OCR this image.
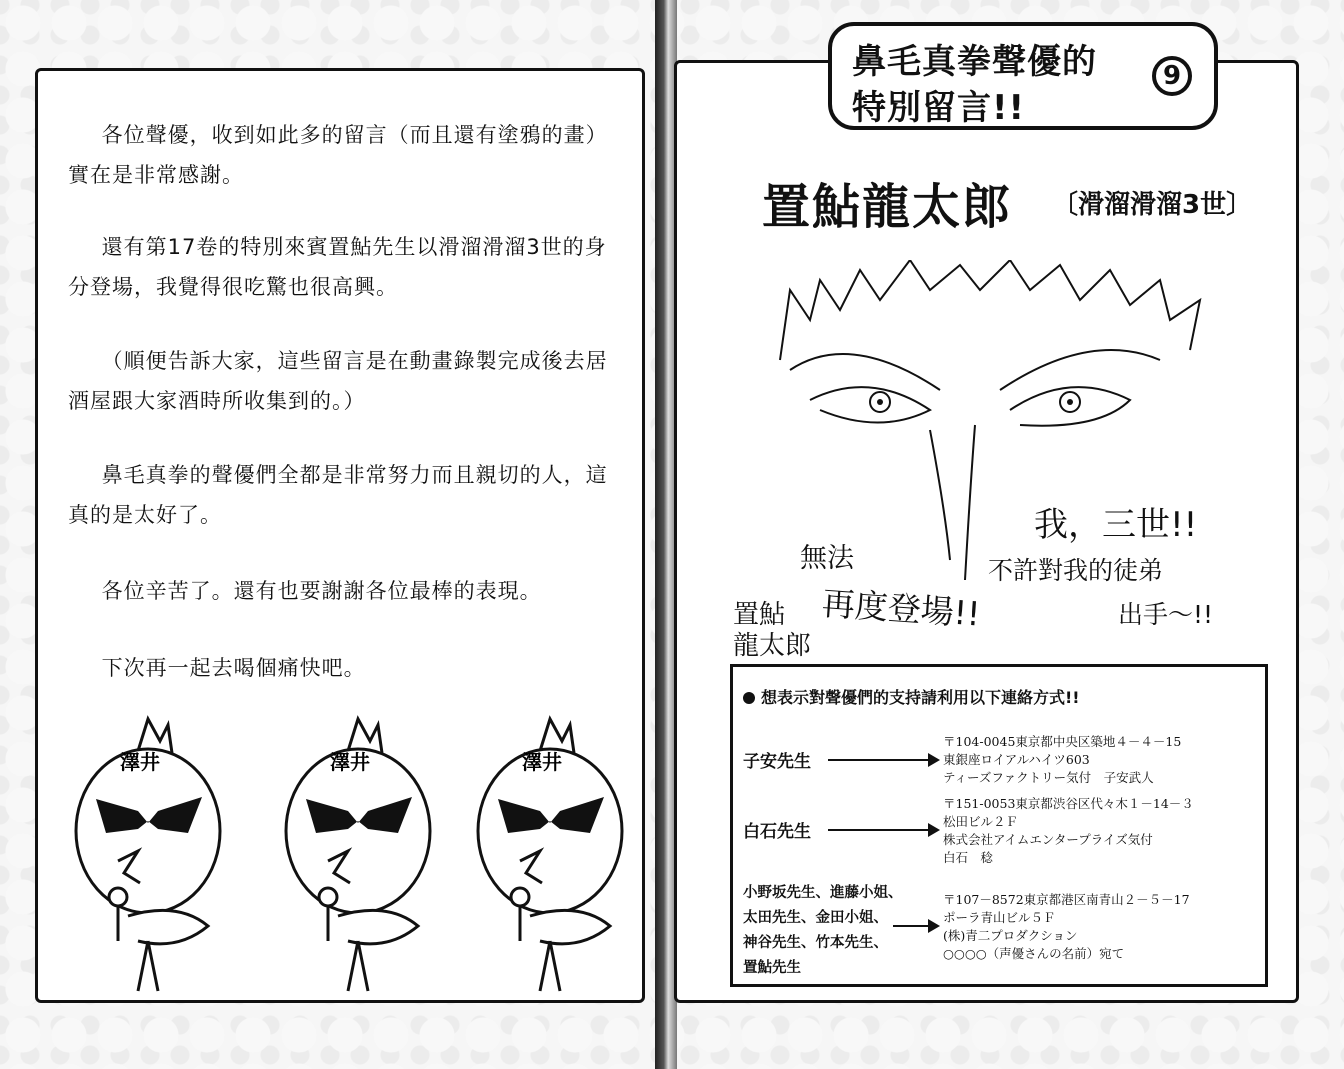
各位聲優，收到如此多的留言（而且還有塗鴉的畫）實在是非常感謝。

還有第17卷的特別來賓置鮎先生以滑溜滑溜3世的身分登場，我覺得很吃驚也很高興。

（順便告訴大家，這些留言是在動畫錄製完成後去居酒屋跟大家酒時所收集到的。）

鼻毛真拳的聲優們全都是非常努力而且親切的人，這真的是太好了。

各位辛苦了。還有也要謝謝各位最棒的表現。

下次再一起去喝個痛快吧。

澤井	澤井	澤井
鼻毛真拳聲優的
特別留言!!
9
置鮎龍太郎 〔滑溜滑溜3世〕
我，三世!!
無法	不許對我的徒弟
再度登場!!
置鮎
龍太郎
出手～!!
想表示對聲優們的支持請利用以下連絡方式!!
子安先生
〒104-0045東京都中央区築地４－４－15
東銀座ロイアルハイツ603
ティーズファクトリー気付　子安武人
白石先生
〒151-0053東京都渋谷区代々木１－14－３
松田ビル２Ｆ
株式会社アイムエンタープライズ気付
白石　稔
小野坂先生、進藤小姐、
太田先生、金田小姐、
神谷先生、竹本先生、
置鮎先生
〒107－8572東京都港区南青山２－５－17
ポーラ青山ビル５Ｆ
(株)青二プロダクション
○○○○（声優さんの名前）宛て
